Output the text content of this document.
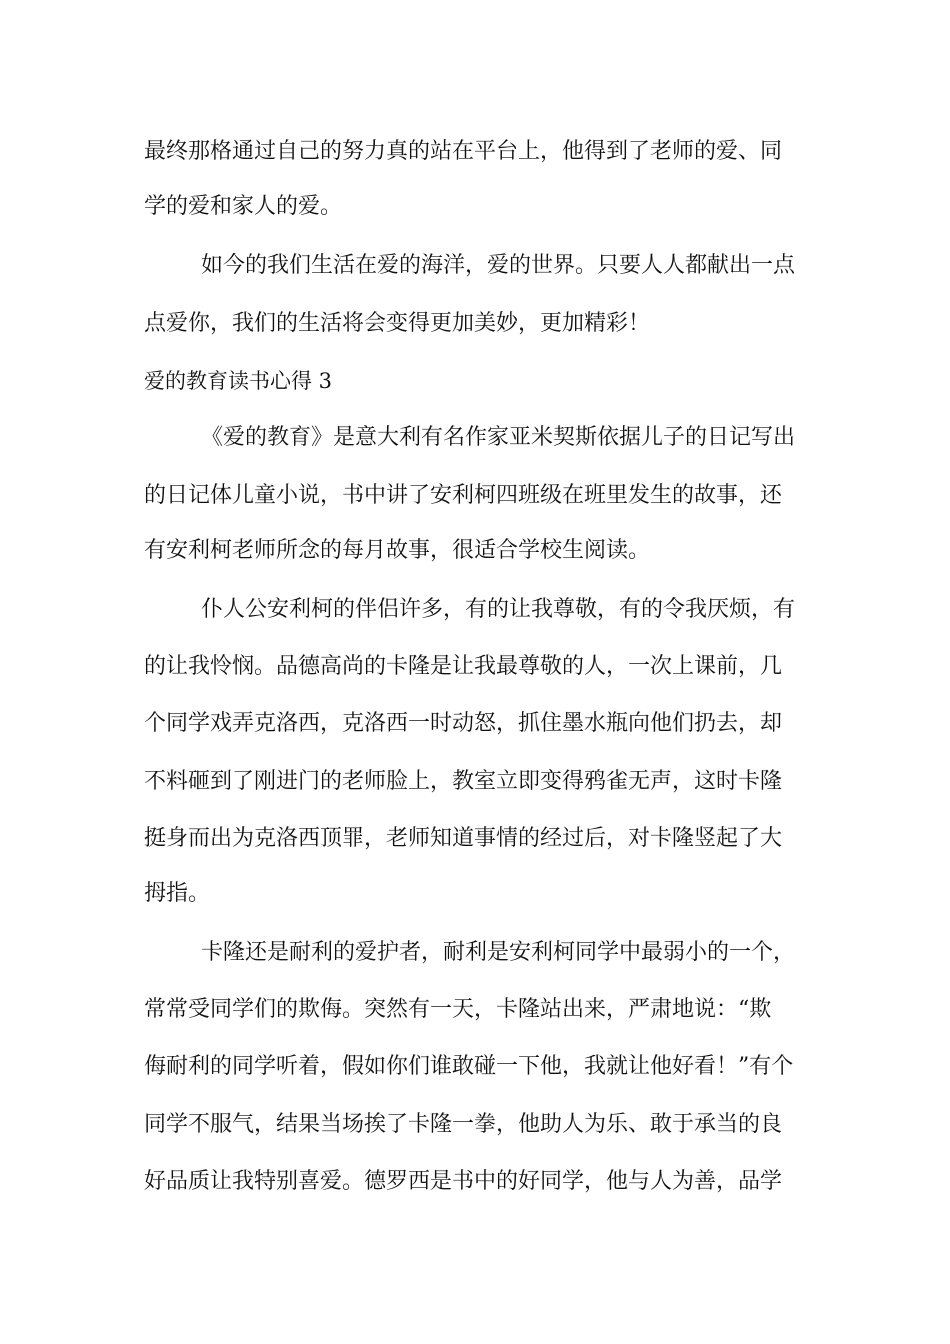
最终那格通过自己的努力真的站在平台上，他得到了老师的爱、同
学的爱和家人的爱。
如今的我们生活在爱的海洋，爱的世界。只要人人都献出一点
点爱你，我们的生活将会变得更加美妙，更加精彩！
爱的教育读书心得 3
《爱的教育》是意大利有名作家亚米契斯依据儿子的日记写出
的日记体儿童小说，书中讲了安利柯四班级在班里发生的故事，还
有安利柯老师所念的每月故事，很适合学校生阅读。
仆人公安利柯的伴侣许多，有的让我尊敬，有的令我厌烦，有
的让我怜悯。品德高尚的卡隆是让我最尊敬的人，一次上课前，几
个同学戏弄克洛西，克洛西一时动怒，抓住墨水瓶向他们扔去，却
不料砸到了刚进门的老师脸上，教室立即变得鸦雀无声，这时卡隆
挺身而出为克洛西顶罪，老师知道事情的经过后，对卡隆竖起了大
拇指。
卡隆还是耐利的爱护者，耐利是安利柯同学中最弱小的一个，
常常受同学们的欺侮。突然有一天，卡隆站出来，严肃地说：“欺
侮耐利的同学听着，假如你们谁敢碰一下他，我就让他好看！”有个
同学不服气，结果当场挨了卡隆一拳，他助人为乐、敢于承当的良
好品质让我特别喜爱。德罗西是书中的好同学，他与人为善，品学
